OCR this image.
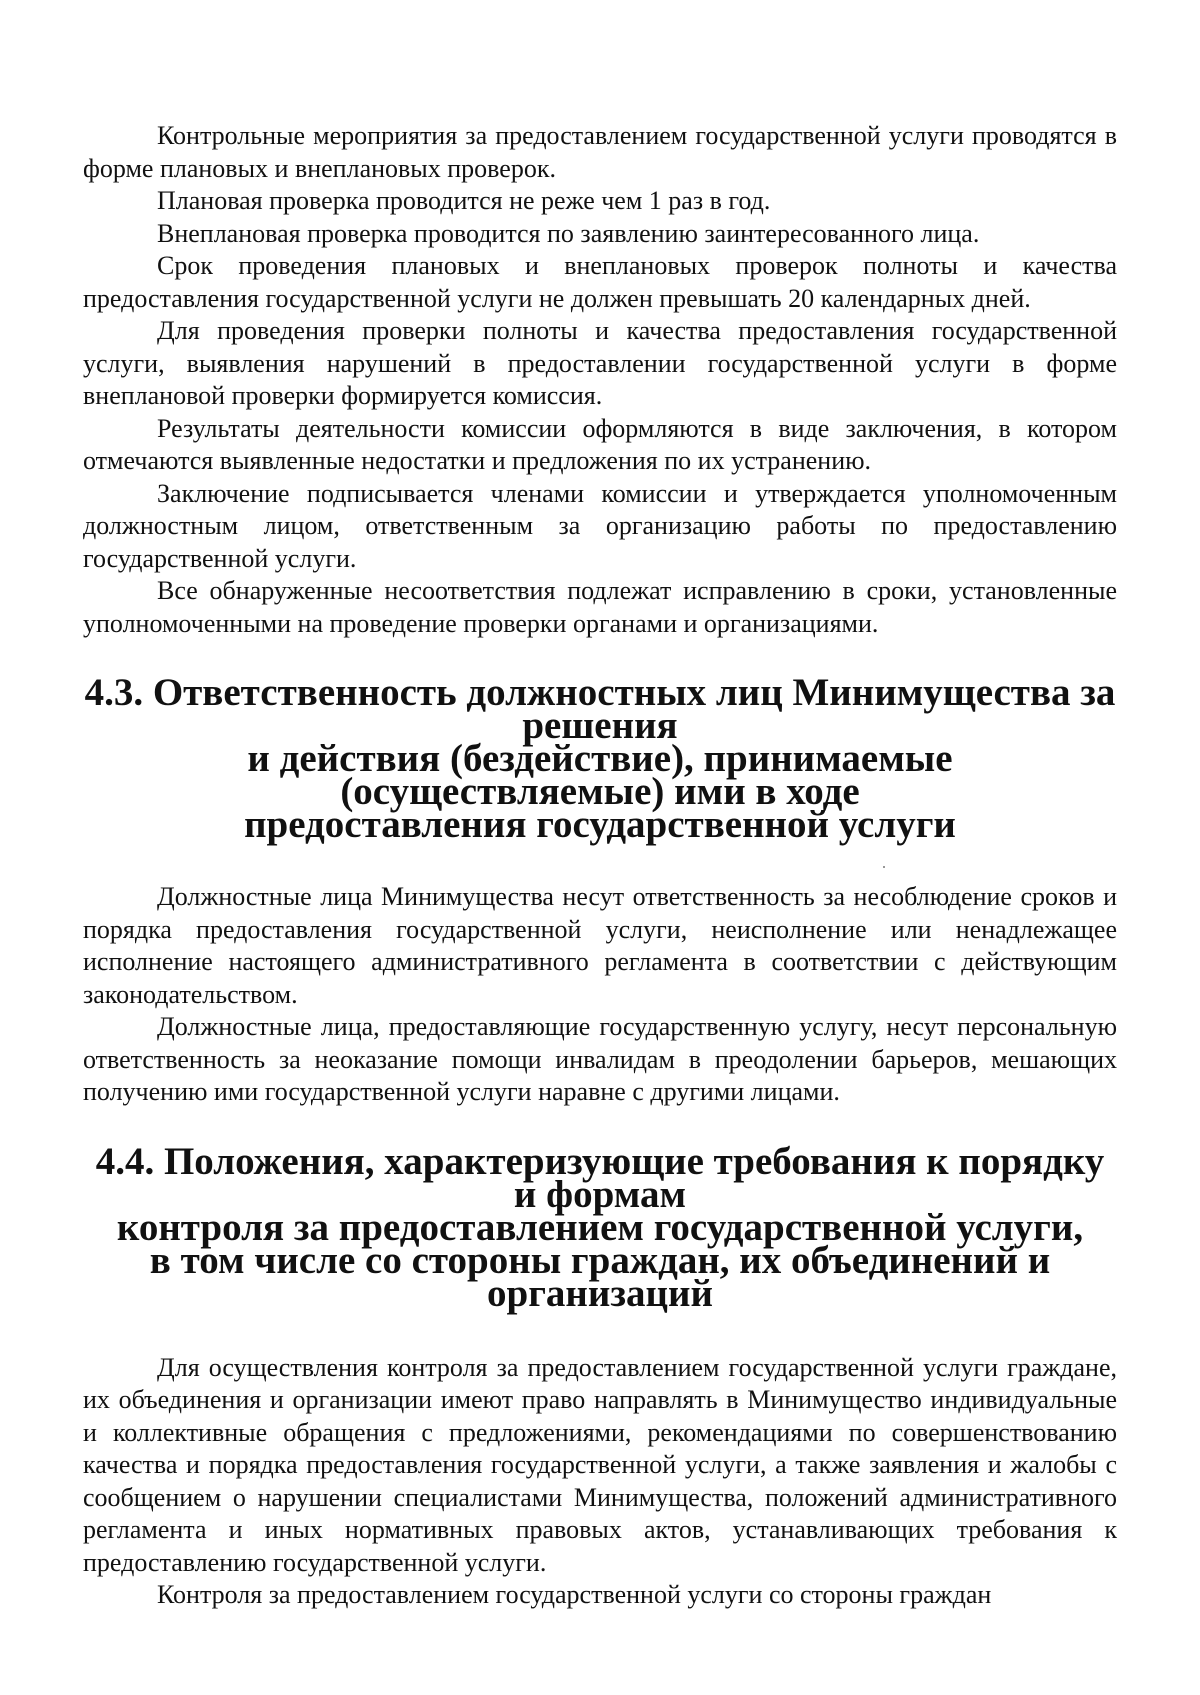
Контрольные мероприятия за предоставлением государственной услуги проводятся в форме плановых и внеплановых проверок.

Плановая проверка проводится не реже чем 1 раз в год.

Внеплановая проверка проводится по заявлению заинтересованного лица.

Срок проведения плановых и внеплановых проверок полноты и качества предоставления государственной услуги не должен превышать 20 календарных дней.

Для проведения проверки полноты и качества предоставления государственной услуги, выявления нарушений в предоставлении государственной услуги в форме внеплановой проверки формируется комиссия.

Результаты деятельности комиссии оформляются в виде заключения, в котором отмечаются выявленные недостатки и предложения по их устранению.

Заключение подписывается членами комиссии и утверждается уполномоченным должностным лицом, ответственным за организацию работы по предоставлению государственной услуги.

Все обнаруженные несоответствия подлежат исправлению в сроки, установленные уполномоченными на проведение проверки органами и организациями.

4.3. Ответственность должностных лиц Минимущества за решения
и действия (бездействие), принимаемые (осуществляемые) ими в ходе
предоставления государственной услуги

Должностные лица Минимущества несут ответственность за несоблюдение сроков и порядка предоставления государственной услуги, неисполнение или ненадлежащее исполнение настоящего административного регламента в соответствии с действующим законодательством.

Должностные лица, предоставляющие государственную услугу, несут персональную ответственность за неоказание помощи инвалидам в преодолении барьеров, мешающих получению ими государственной услуги наравне с другими лицами.

4.4. Положения, характеризующие требования к порядку и формам
контроля за предоставлением государственной услуги,
в том числе со стороны граждан, их объединений и организаций

Для осуществления контроля за предоставлением государственной услуги граждане, их объединения и организации имеют право направлять в Минимущество индивидуальные и коллективные обращения с предложениями, рекомендациями по совершенствованию качества и порядка предоставления государственной услуги, а также заявления и жалобы с сообщением о нарушении специалистами Минимущества, положений административного регламента и иных нормативных правовых актов, устанавливающих требования к предоставлению государственной услуги.

Контроля за предоставлением государственной услуги со стороны граждан
